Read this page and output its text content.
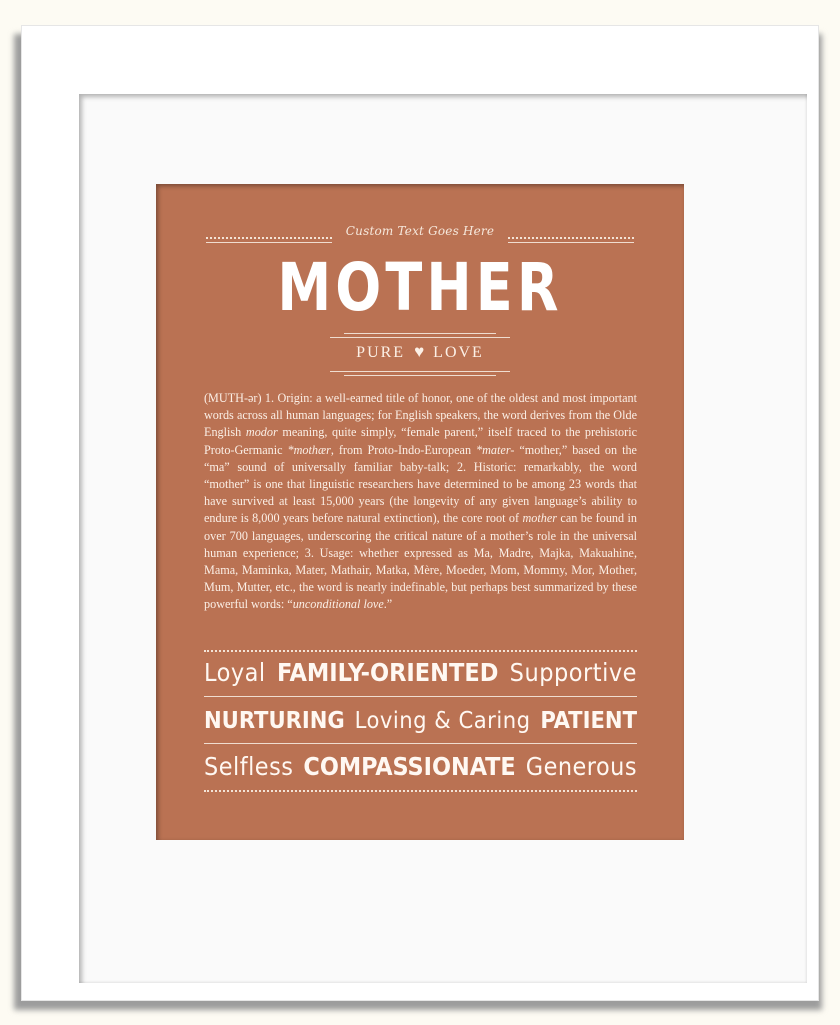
Custom Text Goes Here
MOTHER
PURE ♥ LOVE
(MUTH-ər) 1. Origin: a well-earned title of honor, one of the oldest and most important words across all human languages; for English speakers, the word derives from the Olde English modor meaning, quite simply, “female parent,” itself traced to the prehistoric Proto-Germanic *mothær, from Proto-Indo-European *mater- “mother,” based on the “ma” sound of universally familiar baby-talk; 2. Historic: remarkably, the word “mother” is one that linguistic researchers have determined to be among 23 words that have survived at least 15,000 years (the longevity of any given language’s ability to endure is 8,000 years before natural extinction), the core root of mother can be found in over 700 languages, underscoring the critical nature of a mother’s role in the universal human experience; 3. Usage: whether expressed as Ma, Madre, Majka, Makuahine, Mama, Maminka, Mater, Mathair, Matka, Mère, Moeder, Mom, Mommy, Mor, Mother, Mum, Mutter, etc., the word is nearly indefinable, but perhaps best summarized by these powerful words: “unconditional love.”
Loyal FAMILY-ORIENTED Supportive
NURTURING Loving & Caring PATIENT
Selfless COMPASSIONATE Generous
